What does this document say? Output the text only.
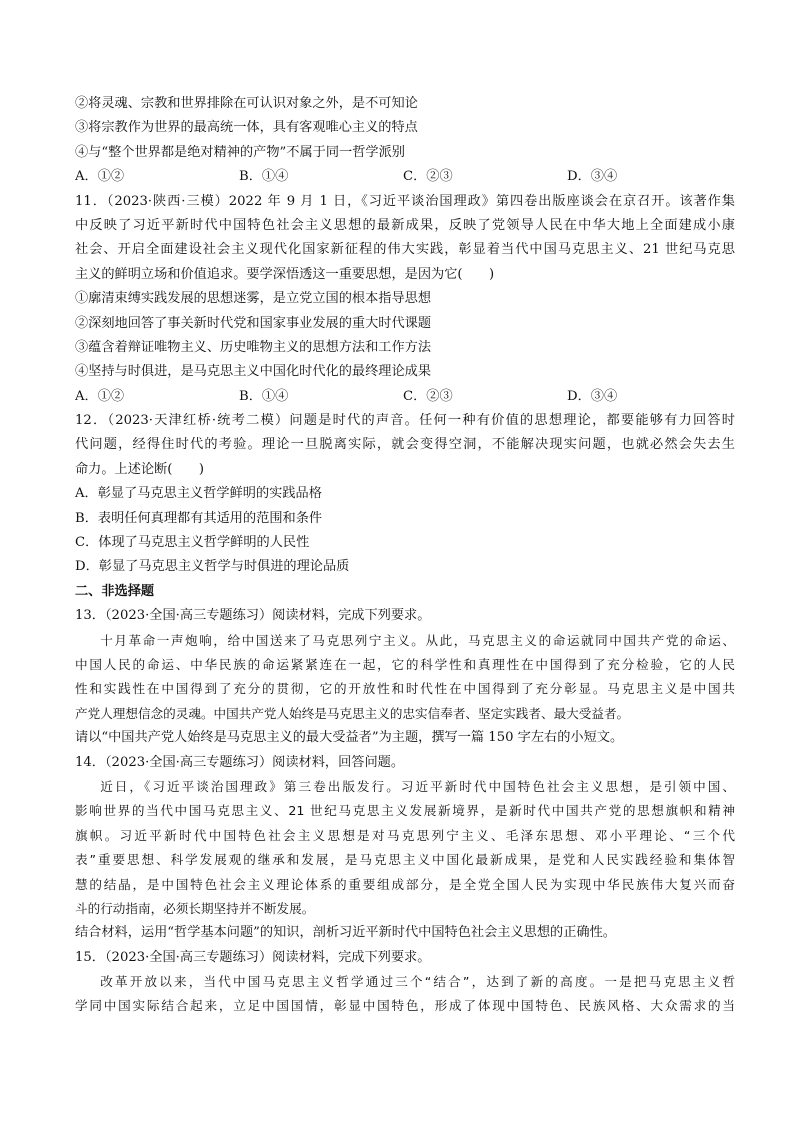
②将灵魂、宗教和世界排除在可认识对象之外，是不可知论
③将宗教作为世界的最高统一体，具有客观唯心主义的特点
④与“整个世界都是绝对精神的产物”不属于同一哲学派别
A．①②	B．①④	C．②③	D．③④
11．（2023·陕西·三模）2022 年 9 月 1 日，《习近平谈治国理政》第四卷出版座谈会在京召开。该著作集
中反映了习近平新时代中国特色社会主义思想的最新成果，反映了党领导人民在中华大地上全面建成小康
社会、开启全面建设社会主义现代化国家新征程的伟大实践，彰显着当代中国马克思主义、21 世纪马克思
主义的鲜明立场和价值追求。要学深悟透这一重要思想，是因为它(　　)
①廓清束缚实践发展的思想迷雾，是立党立国的根本指导思想
②深刻地回答了事关新时代党和国家事业发展的重大时代课题
③蕴含着辩证唯物主义、历史唯物主义的思想方法和工作方法
④坚持与时俱进，是马克思主义中国化时代化的最终理论成果
A．①②	B．①④	C．②③	D．③④
12．（2023·天津红桥·统考二模）问题是时代的声音。任何一种有价值的思想理论，都要能够有力回答时
代问题，经得住时代的考验。理论一旦脱离实际，就会变得空洞，不能解决现实问题，也就必然会失去生
命力。上述论断(　　)
A．彰显了马克思主义哲学鲜明的实践品格
B．表明任何真理都有其适用的范围和条件
C．体现了马克思主义哲学鲜明的人民性
D．彰显了马克思主义哲学与时俱进的理论品质
二、非选择题
13．（2023·全国·高三专题练习）阅读材料，完成下列要求。
十月革命一声炮响，给中国送来了马克思列宁主义。从此，马克思主义的命运就同中国共产党的命运、
中国人民的命运、中华民族的命运紧紧连在一起，它的科学性和真理性在中国得到了充分检验，它的人民
性和实践性在中国得到了充分的贯彻，它的开放性和时代性在中国得到了充分彰显。马克思主义是中国共
产党人理想信念的灵魂。中国共产党人始终是马克思主义的忠实信奉者、坚定实践者、最大受益者。
请以“中国共产党人始终是马克思主义的最大受益者”为主题，撰写一篇 150 字左右的小短文。
14．（2023·全国·高三专题练习）阅读材料，回答问题。
近日，《习近平谈治国理政》第三卷出版发行。习近平新时代中国特色社会主义思想，是引领中国、
影响世界的当代中国马克思主义、21 世纪马克思主义发展新境界，是新时代中国共产党的思想旗帜和精神
旗帜。习近平新时代中国特色社会主义思想是对马克思列宁主义、毛泽东思想、邓小平理论、“三个代
表”重要思想、科学发展观的继承和发展，是马克思主义中国化最新成果，是党和人民实践经验和集体智
慧的结晶，是中国特色社会主义理论体系的重要组成部分，是全党全国人民为实现中华民族伟大复兴而奋
斗的行动指南，必须长期坚持并不断发展。
结合材料，运用“哲学基本问题”的知识，剖析习近平新时代中国特色社会主义思想的正确性。
15．（2023·全国·高三专题练习）阅读材料，完成下列要求。
改革开放以来，当代中国马克思主义哲学通过三个“结合”，达到了新的高度。一是把马克思主义哲
学同中国实际结合起来，立足中国国情，彰显中国特色，形成了体现中国特色、民族风格、大众需求的当
